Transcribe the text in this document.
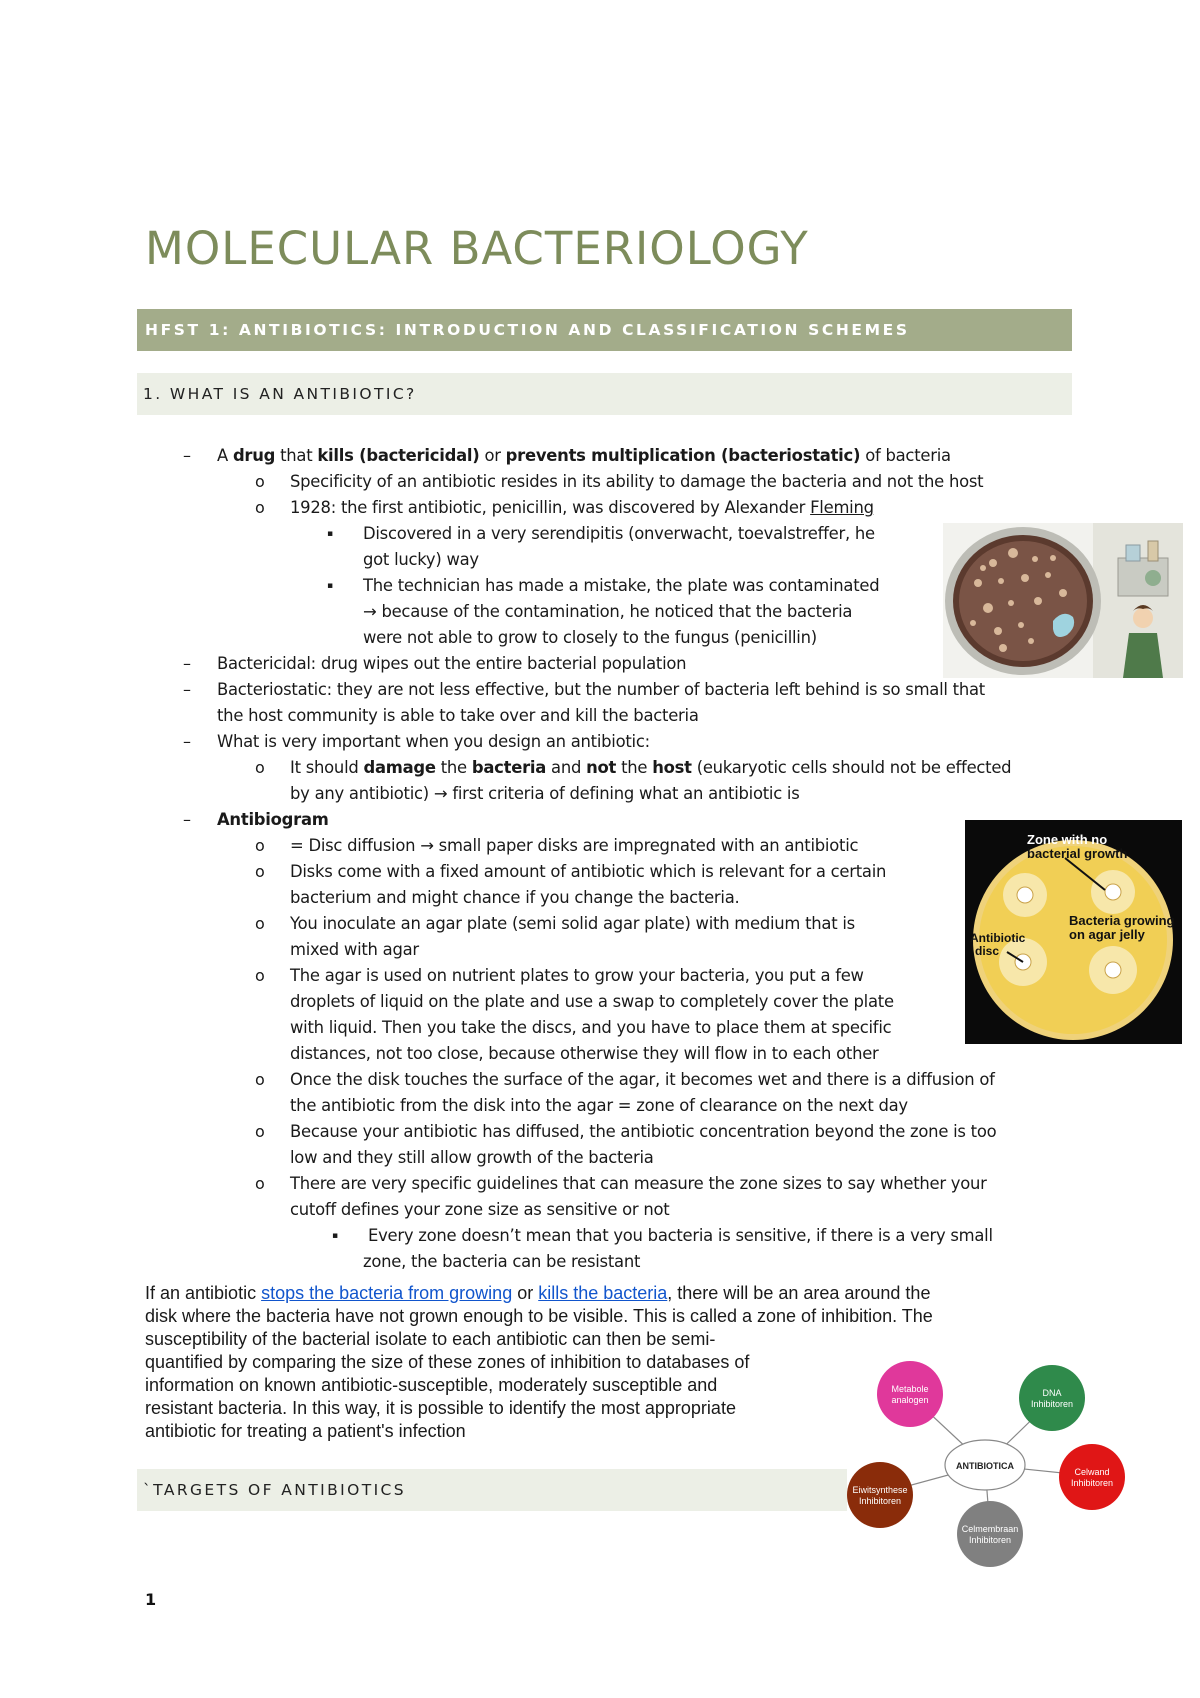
MOLECULAR BACTERIOLOGY
HFST 1: ANTIBIOTICS: INTRODUCTION AND CLASSIFICATION SCHEMES
1. WHAT IS AN ANTIBIOTIC?
– A drug that kills (bactericidal) or prevents multiplication (bacteriostatic) of bacteria
o Specificity of an antibiotic resides in its ability to damage the bacteria and not the host
o 1928: the first antibiotic, penicillin, was discovered by Alexander Fleming
▪ Discovered in a very serendipitis (onverwacht, toevalstreffer, he
got lucky) way
▪ The technician has made a mistake, the plate was contaminated
→ because of the contamination, he noticed that the bacteria
were not able to grow to closely to the fungus (penicillin)
– Bactericidal: drug wipes out the entire bacterial population
– Bacteriostatic: they are not less effective, but the number of bacteria left behind is so small that
the host community is able to take over and kill the bacteria
– What is very important when you design an antibiotic:
o It should damage the bacteria and not the host (eukaryotic cells should not be effected
by any antibiotic) → first criteria of defining what an antibiotic is
– Antibiogram
o = Disc diffusion → small paper disks are impregnated with an antibiotic
o Disks come with a fixed amount of antibiotic which is relevant for a certain
bacterium and might chance if you change the bacteria.
o You inoculate an agar plate (semi solid agar plate) with medium that is
mixed with agar
o The agar is used on nutrient plates to grow your bacteria, you put a few
droplets of liquid on the plate and use a swap to completely cover the plate
with liquid. Then you take the discs, and you have to place them at specific
distances, not too close, because otherwise they will flow in to each other
o Once the disk touches the surface of the agar, it becomes wet and there is a diffusion of
the antibiotic from the disk into the agar = zone of clearance on the next day
o Because your antibiotic has diffused, the antibiotic concentration beyond the zone is too
low and they still allow growth of the bacteria
o There are very specific guidelines that can measure the zone sizes to say whether your
cutoff defines your zone size as sensitive or not
▪ Every zone doesn’t mean that you bacteria is sensitive, if there is a very small
zone, the bacteria can be resistant
If an antibiotic stops the bacteria from growing or kills the bacteria, there will be an area around the
disk where the bacteria have not grown enough to be visible. This is called a zone of inhibition. The
susceptibility of the bacterial isolate to each antibiotic can then be semi-
quantified by comparing the size of these zones of inhibition to databases of
information on known antibiotic-susceptible, moderately susceptible and
resistant bacteria. In this way, it is possible to identify the most appropriate
antibiotic for treating a patient's infection
`TARGETS OF ANTIBIOTICS
1
Zone with no
bacterial growth
Bacteria growing
on agar jelly
Antibiotic
disc
ANTIBIOTICA
Metabole
analogen
DNA
Inhibitoren
Celwand
Inhibitoren
Eiwitsynthese
Inhibitoren
Celmembraan
Inhibitoren
